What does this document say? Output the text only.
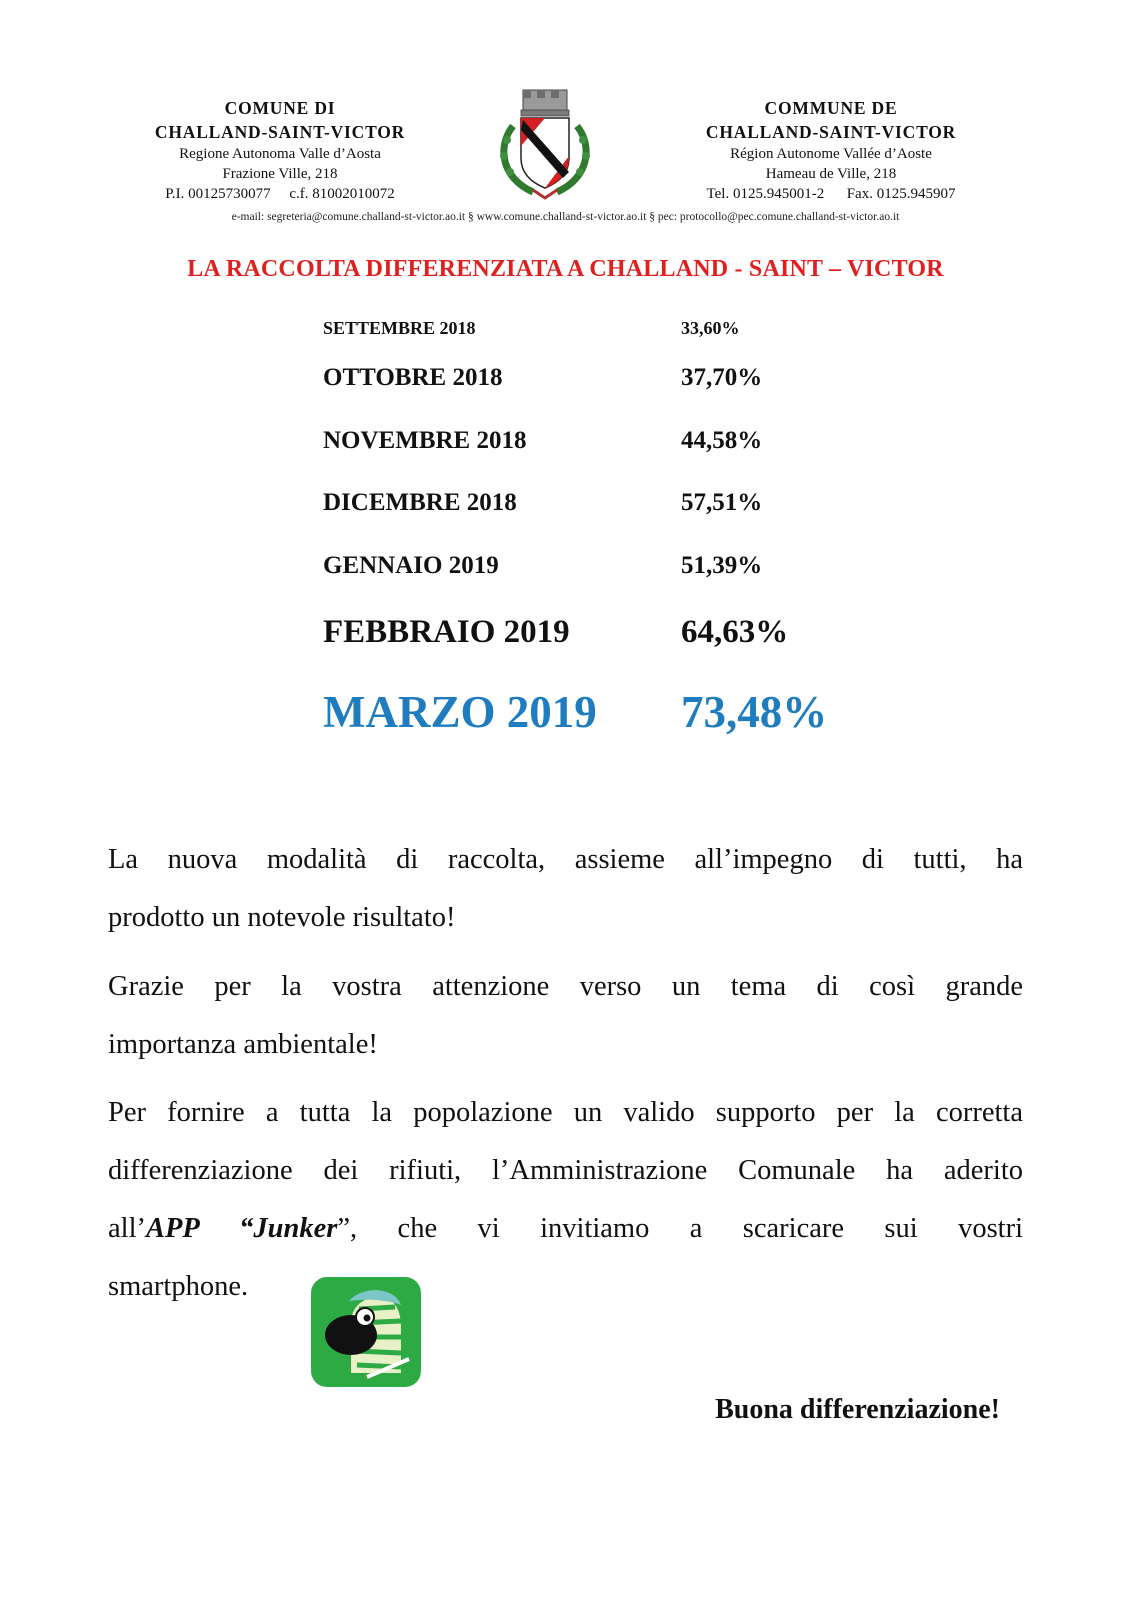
COMUNE DI
CHALLAND-SAINT-VICTOR
Regione Autonoma Valle d’Aosta
Frazione Ville, 218
P.I. 00125730077 c.f. 81002010072
COMMUNE DE
CHALLAND-SAINT-VICTOR
Région Autonome Vallée d’Aoste
Hameau de Ville, 218
Tel. 0125.945001-2 Fax. 0125.945907
e-mail: segreteria@comune.challand-st-victor.ao.it § www.comune.challand-st-victor.ao.it § pec: protocollo@pec.comune.challand-st-victor.ao.it
LA RACCOLTA DIFFERENZIATA A CHALLAND - SAINT – VICTOR
SETTEMBRE 2018	33,60%
OTTOBRE 2018	37,70%
NOVEMBRE 2018	44,58%
DICEMBRE 2018	57,51%
GENNAIO 2019	51,39%
FEBBRAIO 2019	64,63%
MARZO 2019 73,48%
La nuova modalità di raccolta, assieme all’impegno di tutti, ha
prodotto un notevole risultato!
Grazie per la vostra attenzione verso un tema di così grande
importanza ambientale!
Per fornire a tutta la popolazione un valido supporto per la corretta
differenziazione dei rifiuti, l’Amministrazione Comunale ha aderito
all’APP “Junker”, che vi invitiamo a scaricare sui vostri
smartphone.
Buona differenziazione!
